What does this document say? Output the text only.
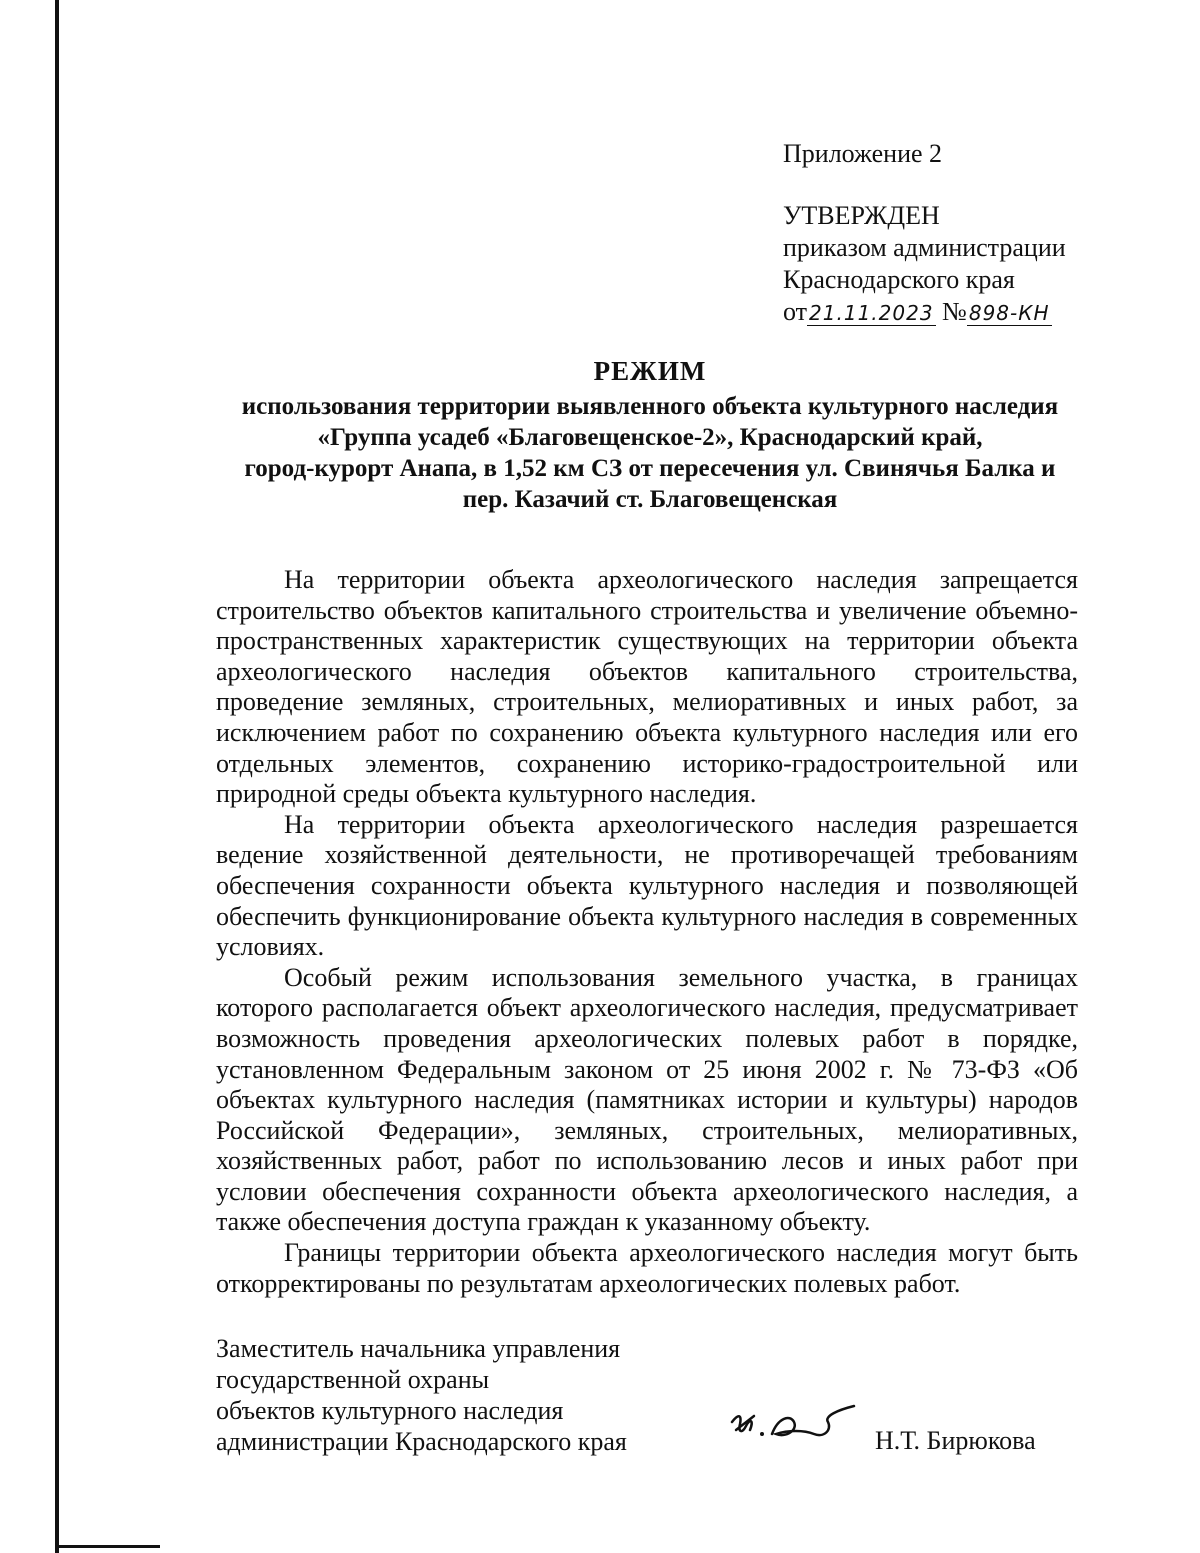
Приложение 2
УТВЕРЖДЕН
приказом администрации
Краснодарского края
от 21.11.2023 № 898-КН
РЕЖИМ
использования территории выявленного объекта культурного наследия
«Группа усадеб «Благовещенское-2», Краснодарский край,
город-курорт Анапа, в 1,52 км СЗ от пересечения ул. Свинячья Балка и
пер. Казачий ст. Благовещенская

На территории объекта археологического наследия запрещается строительство объектов капитального строительства и увеличение объемно-пространственных характеристик существующих на территории объекта археологического наследия объектов капитального строительства, проведение земляных, строительных, мелиоративных и иных работ, за исключением работ по сохранению объекта культурного наследия или его отдельных элементов, сохранению историко-градостроительной или природной среды объекта культурного наследия.

На территории объекта археологического наследия разрешается ведение хозяйственной деятельности, не противоречащей требованиям обеспечения сохранности объекта культурного наследия и позволяющей обеспечить функционирование объекта культурного наследия в современных условиях.

Особый режим использования земельного участка, в границах которого располагается объект археологического наследия, предусматривает возможность проведения археологических полевых работ в порядке, установленном Федеральным законом от 25 июня 2002 г. № 73-ФЗ «Об объектах культурного наследия (памятниках истории и культуры) народов Российской Федерации», земляных, строительных, мелиоративных, хозяйственных работ, работ по использованию лесов и иных работ при условии обеспечения сохранности объекта археологического наследия, а также обеспечения доступа граждан к указанному объекту.

Границы территории объекта археологического наследия могут быть откорректированы по результатам археологических полевых работ.

Заместитель начальника управления
государственной охраны
объектов культурного наследия
администрации Краснодарского края	Н.Т. Бирюкова
